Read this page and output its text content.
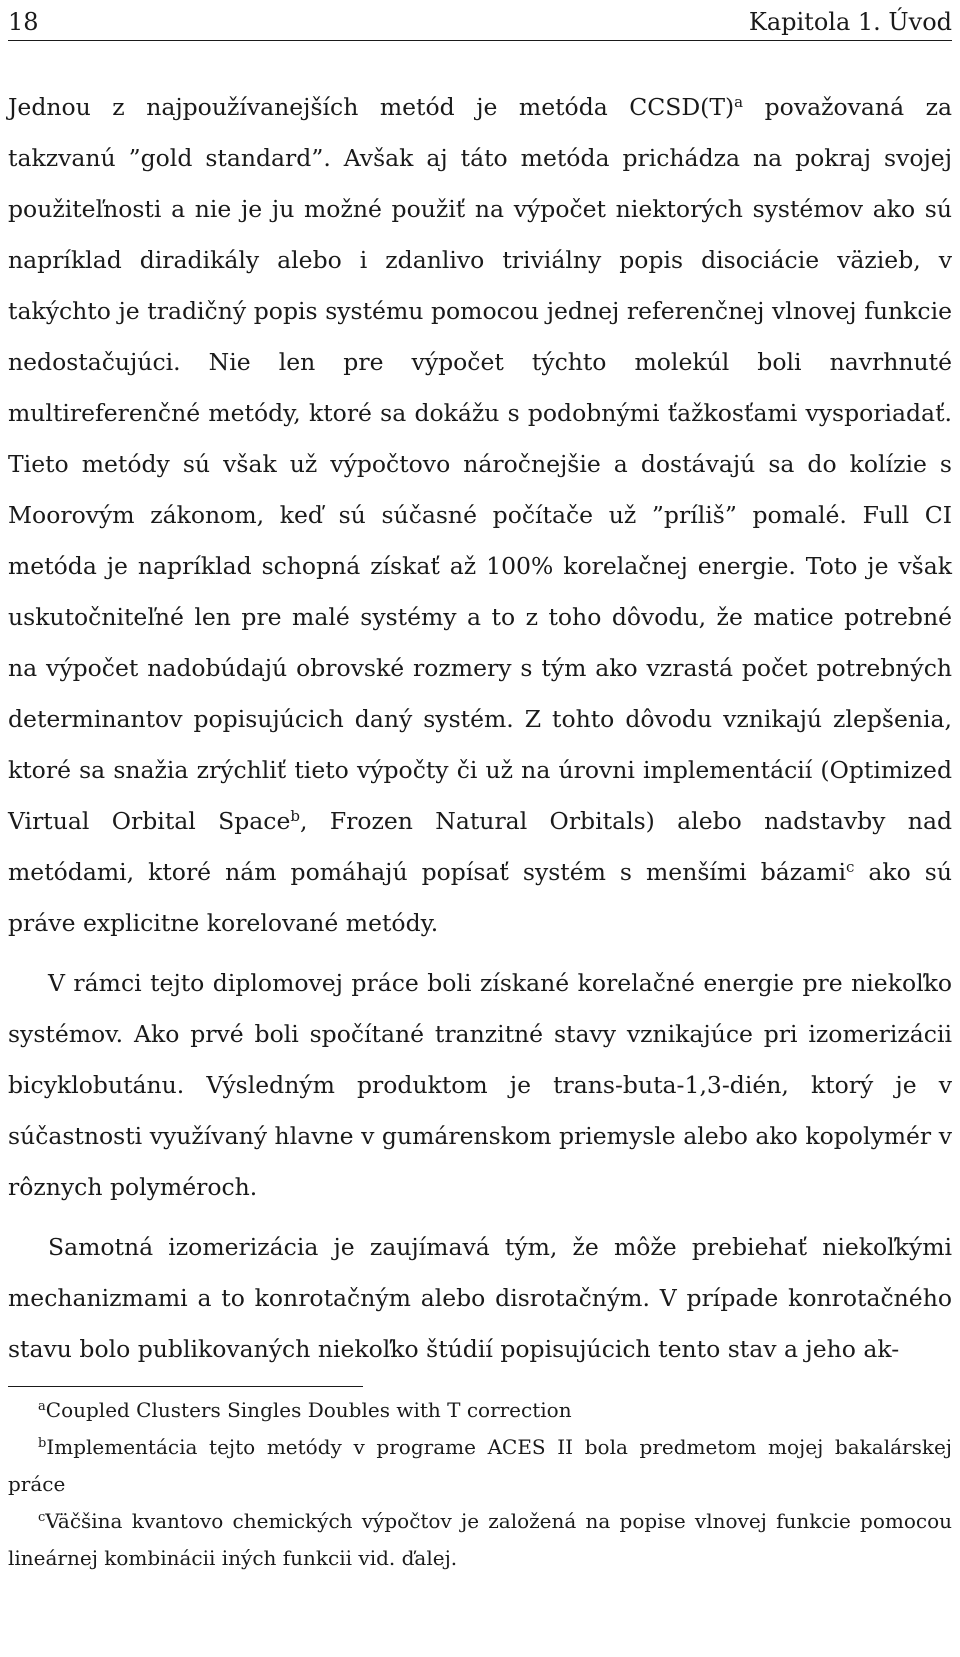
18	Kapitola 1. Úvod

Jednou z najpoužívanejších metód je metóda $CCSD(T)^a$ považovaná za takzvanú ”gold standard”. Avšak aj táto metóda prichádza na pokraj svojej použiteľnosti a nie je ju možné použiť na výpočet niektorých systémov ako sú napríklad diradikály alebo i zdanlivo triviálny popis disociácie väzieb, v takýchto je tradičný popis systému pomocou jednej referenčnej vlnovej funkcie nedostačujúci. Nie len pre výpočet týchto molekúl boli navrhnuté multireferenčné metódy, ktoré sa dokážu s podobnými ťažkosťami vysporiadať. Tieto metódy sú však už výpočtovo náročnejšie a dostávajú sa do kolízie s Moorovým zákonom, keď sú súčasné počítače už ”príliš” pomalé. Full CI metóda je napríklad schopná získať až 100% korelačnej energie. Toto je však uskutočniteľné len pre malé systémy a to z toho dôvodu, že matice potrebné na výpočet nadobúdajú obrovské rozmery s tým ako vzrastá počet potrebných determinantov popisujúcich daný systém. Z tohto dôvodu vznikajú zlepšenia, ktoré sa snažia zrýchliť tieto výpočty či už na úrovni implementácií (Optimized Virtual Orbital Space$^b$, Frozen Natural Orbitals) alebo nadstavby nad metódami, ktoré nám pomáhajú popísať systém s menšími bázami$^c$ ako sú práve explicitne korelované metódy.

V rámci tejto diplomovej práce boli získané korelačné energie pre niekoľko systémov. Ako prvé boli spočítané tranzitné stavy vznikajúce pri izomerizácii bicyklobutánu. Výsledným produktom je trans-buta-1,3-dién, ktorý je v súčastnosti využívaný hlavne v gumárenskom priemysle alebo ako kopolymér v rôznych polyméroch.

Samotná izomerizácia je zaujímavá tým, že môže prebiehať niekoľkými mechanizmami a to konrotačným alebo disrotačným. V prípade konrotačného stavu bolo publikovaných niekoľko štúdií popisujúcich tento stav a jeho ak-

$^a$Coupled Clusters Singles Doubles with T correction

$^b$Implementácia tejto metódy v programe ACES II bola predmetom mojej bakalárskej práce

$^c$Väčšina kvantovo chemických výpočtov je založená na popise vlnovej funkcie pomocou lineárnej kombinácii iných funkcii vid. ďalej.
